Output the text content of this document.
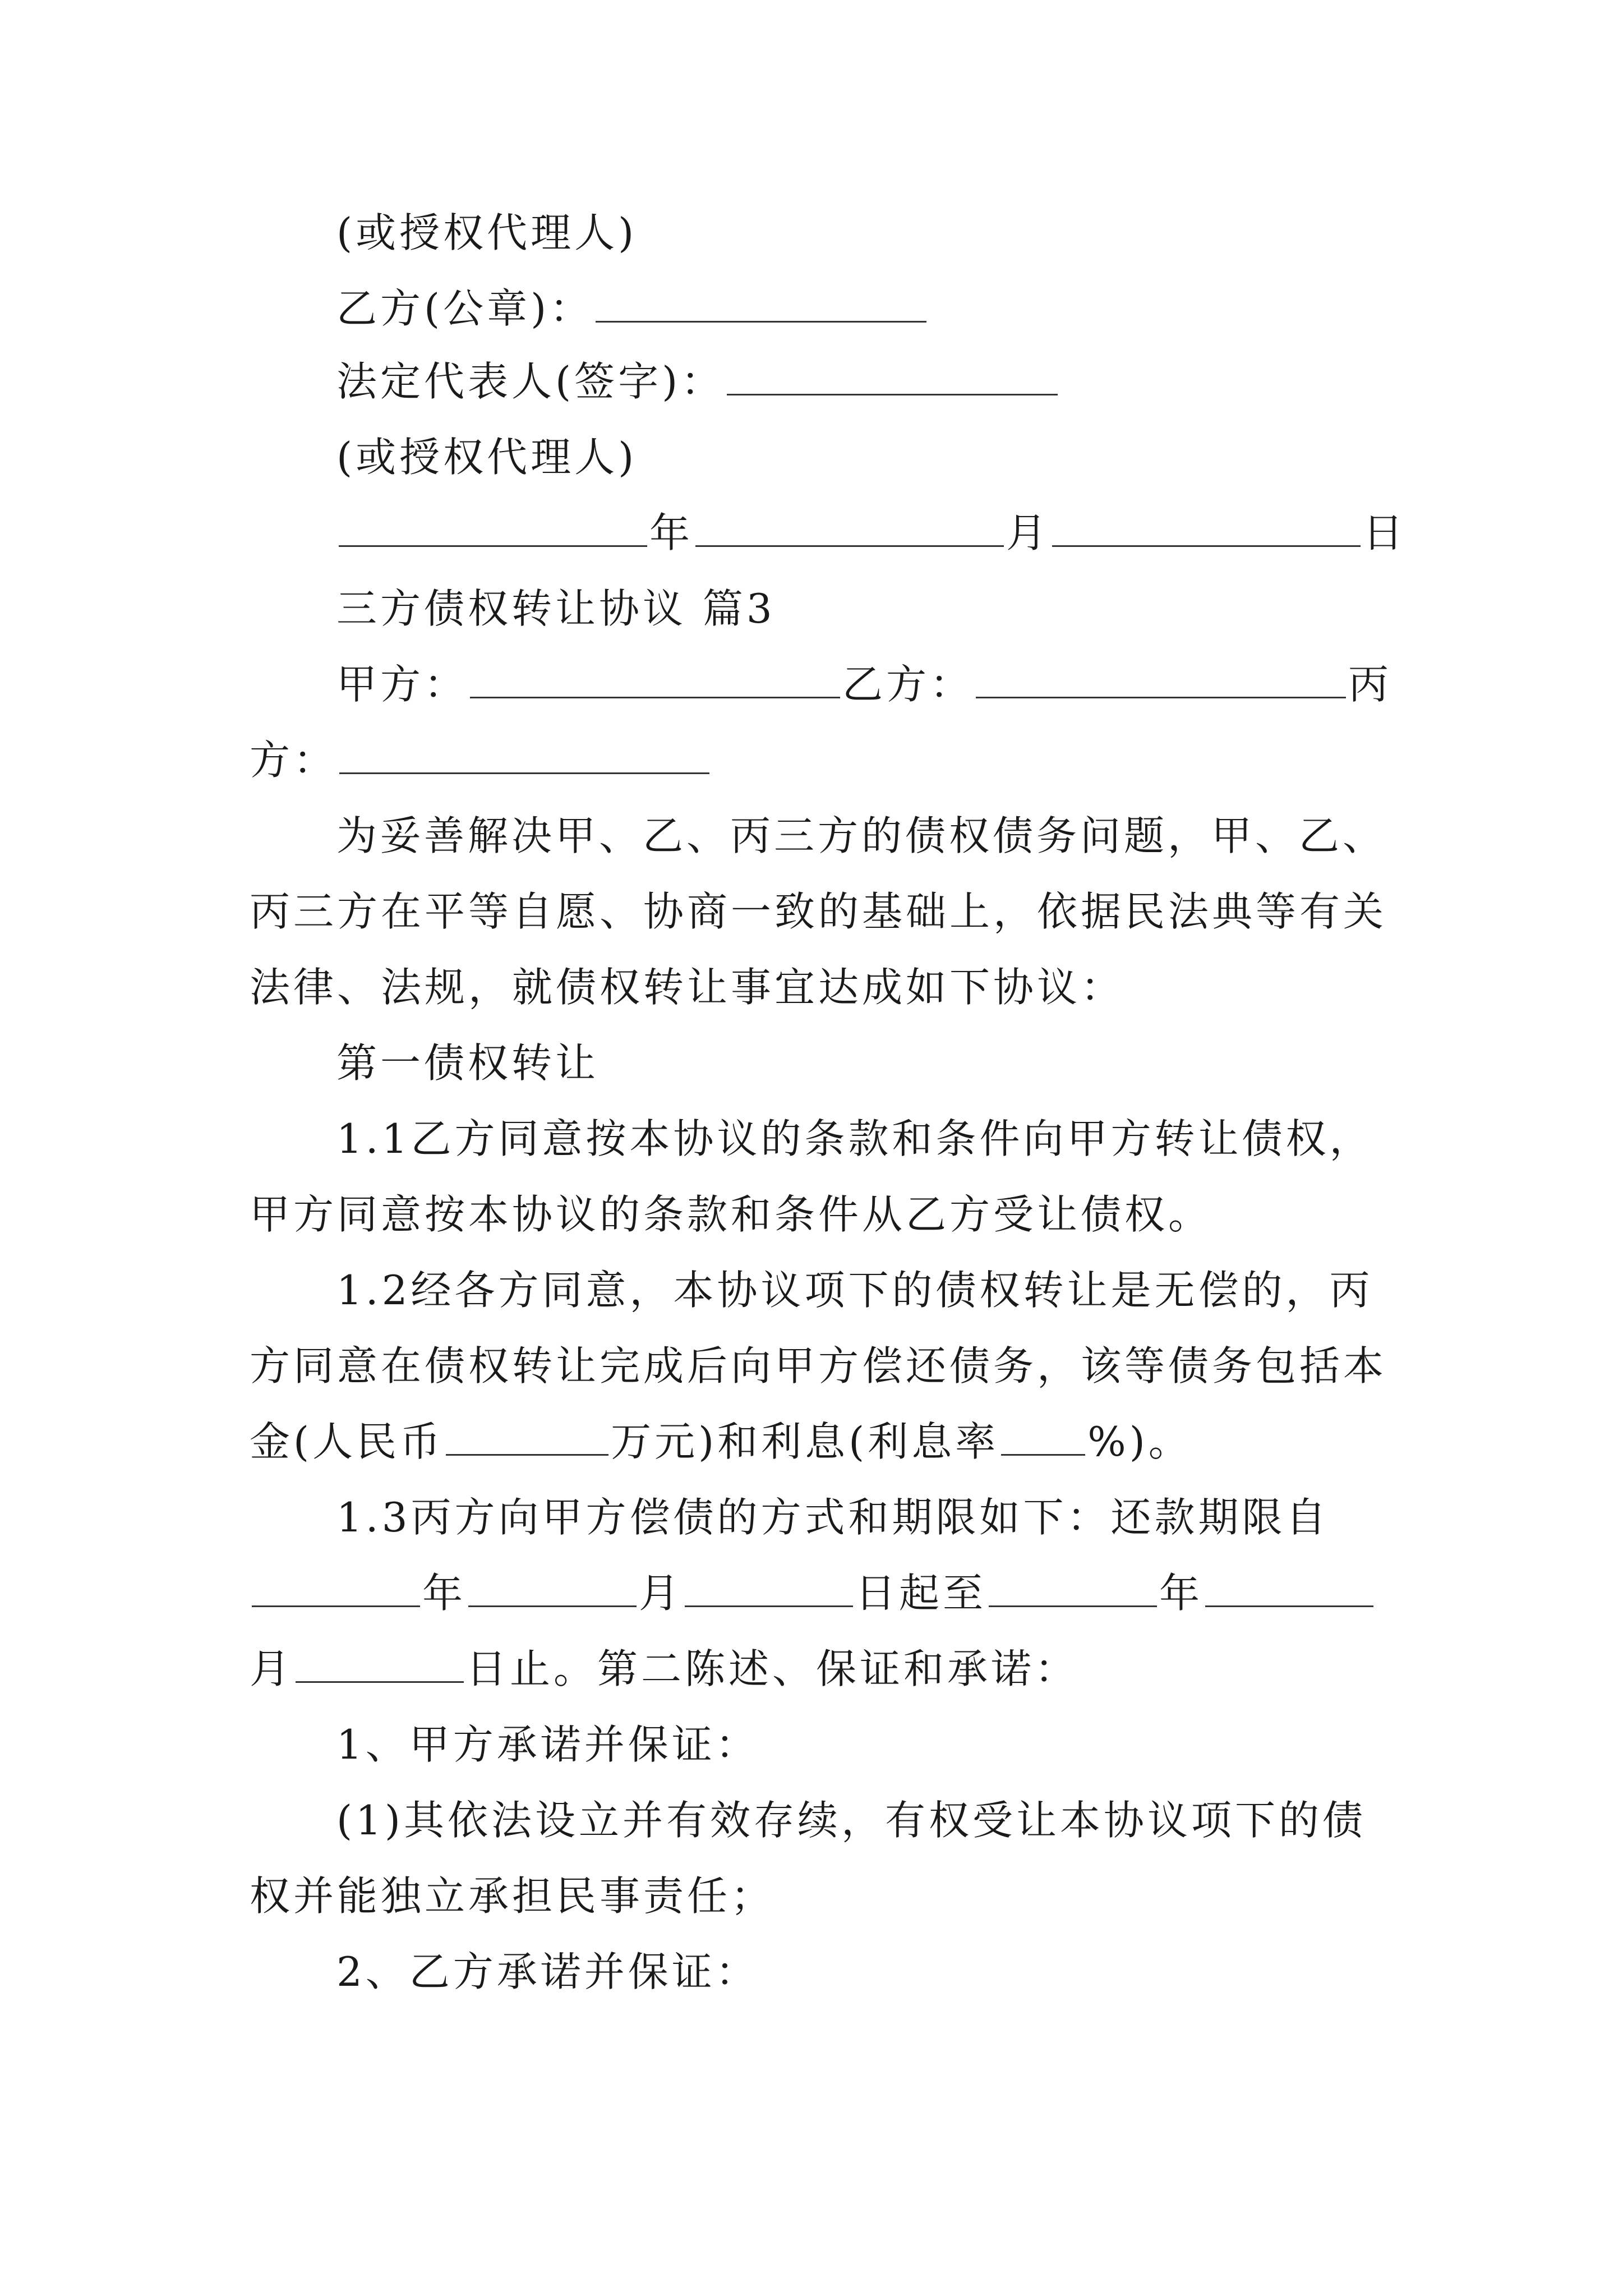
(或授权代理人)
乙方(公章)：
法定代表人(签字)：
(或授权代理人)
年	月	日
三方债权转让协议 篇3
甲方：	乙方：	丙
方：
为妥善解决甲、乙、丙三方的债权债务问题，甲、乙、
丙三方在平等自愿、协商一致的基础上，依据民法典等有关
法律、法规，就债权转让事宜达成如下协议：
第一债权转让
1.1乙方同意按本协议的条款和条件向甲方转让债权，
甲方同意按本协议的条款和条件从乙方受让债权。
1.2经各方同意，本协议项下的债权转让是无偿的，丙
方同意在债权转让完成后向甲方偿还债务，该等债务包括本
金(人民币	万元)和利息(利息率 %)。
1.3丙方向甲方偿债的方式和期限如下：还款期限自
年	月	日起至	年
月	日止。第二陈述、保证和承诺：
1、甲方承诺并保证：
(1)其依法设立并有效存续，有权受让本协议项下的债
权并能独立承担民事责任；
2、乙方承诺并保证：
